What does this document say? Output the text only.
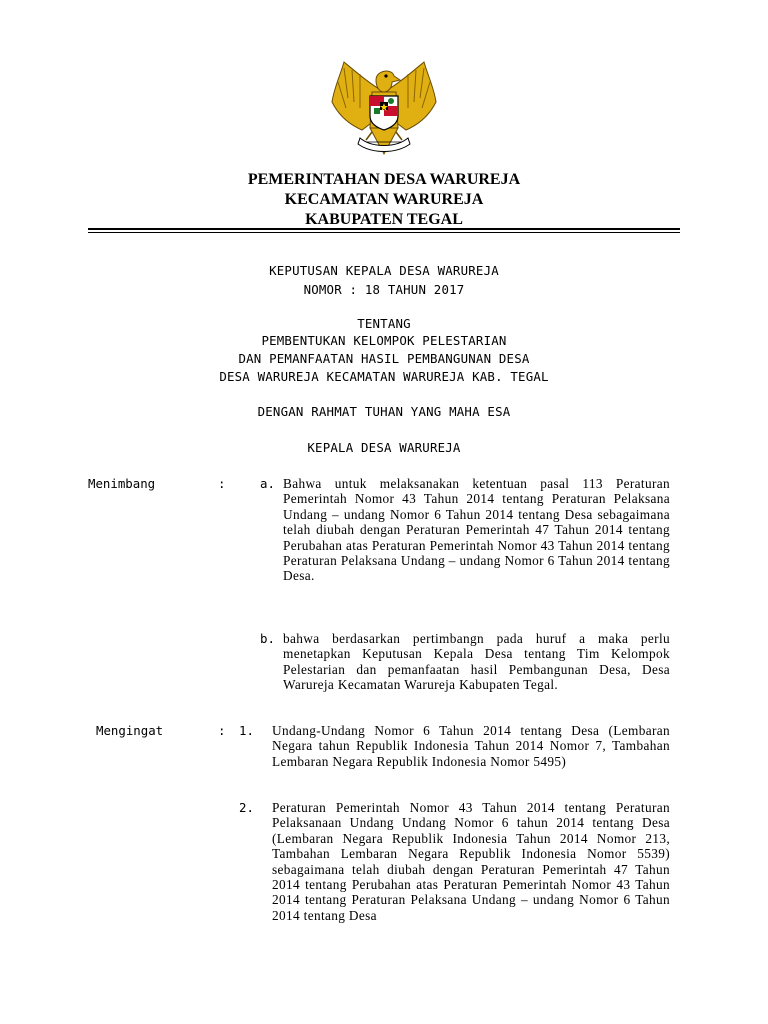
PEMERINTAHAN DESA WARUREJA
KECAMATAN WARUREJA
KABUPATEN TEGAL
KEPUTUSAN KEPALA DESA WARUREJA
NOMOR : 18 TAHUN 2017
TENTANG
PEMBENTUKAN KELOMPOK PELESTARIAN
DAN PEMANFAATAN HASIL PEMBANGUNAN DESA
DESA WARUREJA KECAMATAN WARUREJA KAB. TEGAL
DENGAN RAHMAT TUHAN YANG MAHA ESA
KEPALA DESA WARUREJA
Menimbang	:	a. Bahwa untuk melaksanakan ketentuan pasal 113 Peraturan Pemerintah Nomor 43 Tahun 2014 tentang Peraturan Pelaksana Undang – undang Nomor 6 Tahun 2014 tentang Desa sebagaimana telah diubah dengan Peraturan Pemerintah 47 Tahun 2014 tentang Perubahan atas Peraturan Pemerintah Nomor 43 Tahun 2014 tentang Peraturan Pelaksana Undang – undang Nomor 6 Tahun 2014 tentang Desa.
b. bahwa berdasarkan pertimbangn pada huruf a maka perlu menetapkan Keputusan Kepala Desa tentang Tim Kelompok Pelestarian dan pemanfaatan hasil Pembangunan Desa, Desa Warureja Kecamatan Warureja Kabupaten Tegal.
Mengingat	: 1. Undang-Undang Nomor 6 Tahun 2014 tentang Desa (Lembaran Negara tahun Republik Indonesia Tahun 2014 Nomor 7, Tambahan Lembaran Negara Republik Indonesia Nomor 5495)
2. Peraturan Pemerintah Nomor 43 Tahun 2014 tentang Peraturan Pelaksanaan Undang Undang Nomor 6 tahun 2014 tentang Desa (Lembaran Negara Republik Indonesia Tahun 2014 Nomor 213, Tambahan Lembaran Negara Republik Indonesia Nomor 5539) sebagaimana telah diubah dengan Peraturan Pemerintah 47 Tahun 2014 tentang Perubahan atas Peraturan Pemerintah Nomor 43 Tahun 2014 tentang Peraturan Pelaksana Undang – undang Nomor 6 Tahun 2014 tentang Desa
